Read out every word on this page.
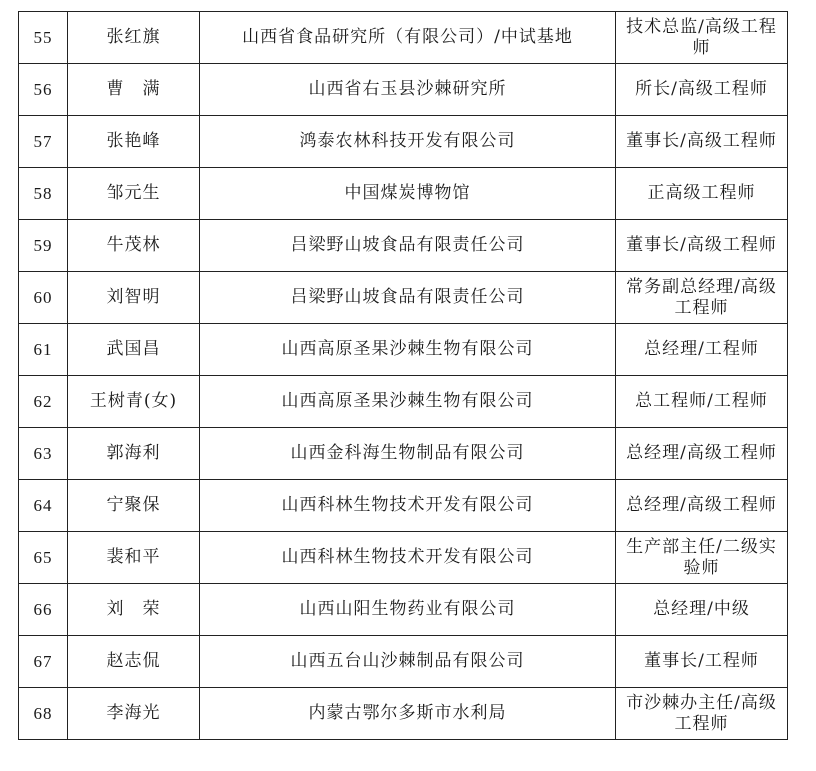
55	张红旗	山西省食品研究所（有限公司）/中试基地	技术总监/高级工程师
56	曹　满	山西省右玉县沙棘研究所	所长/高级工程师
57	张艳峰	鸿泰农林科技开发有限公司	董事长/高级工程师
58	邹元生	中国煤炭博物馆	正高级工程师
59	牛茂林	吕梁野山坡食品有限责任公司	董事长/高级工程师
60	刘智明	吕梁野山坡食品有限责任公司	常务副总经理/高级工程师
61	武国昌	山西高原圣果沙棘生物有限公司	总经理/工程师
62	王树青(女)	山西高原圣果沙棘生物有限公司	总工程师/工程师
63	郭海利	山西金科海生物制品有限公司	总经理/高级工程师
64	宁聚保	山西科林生物技术开发有限公司	总经理/高级工程师
65	裴和平	山西科林生物技术开发有限公司	生产部主任/二级实验师
66	刘　荣	山西山阳生物药业有限公司	总经理/中级
67	赵志侃	山西五台山沙棘制品有限公司	董事长/工程师
68	李海光	内蒙古鄂尔多斯市水利局	市沙棘办主任/高级工程师
